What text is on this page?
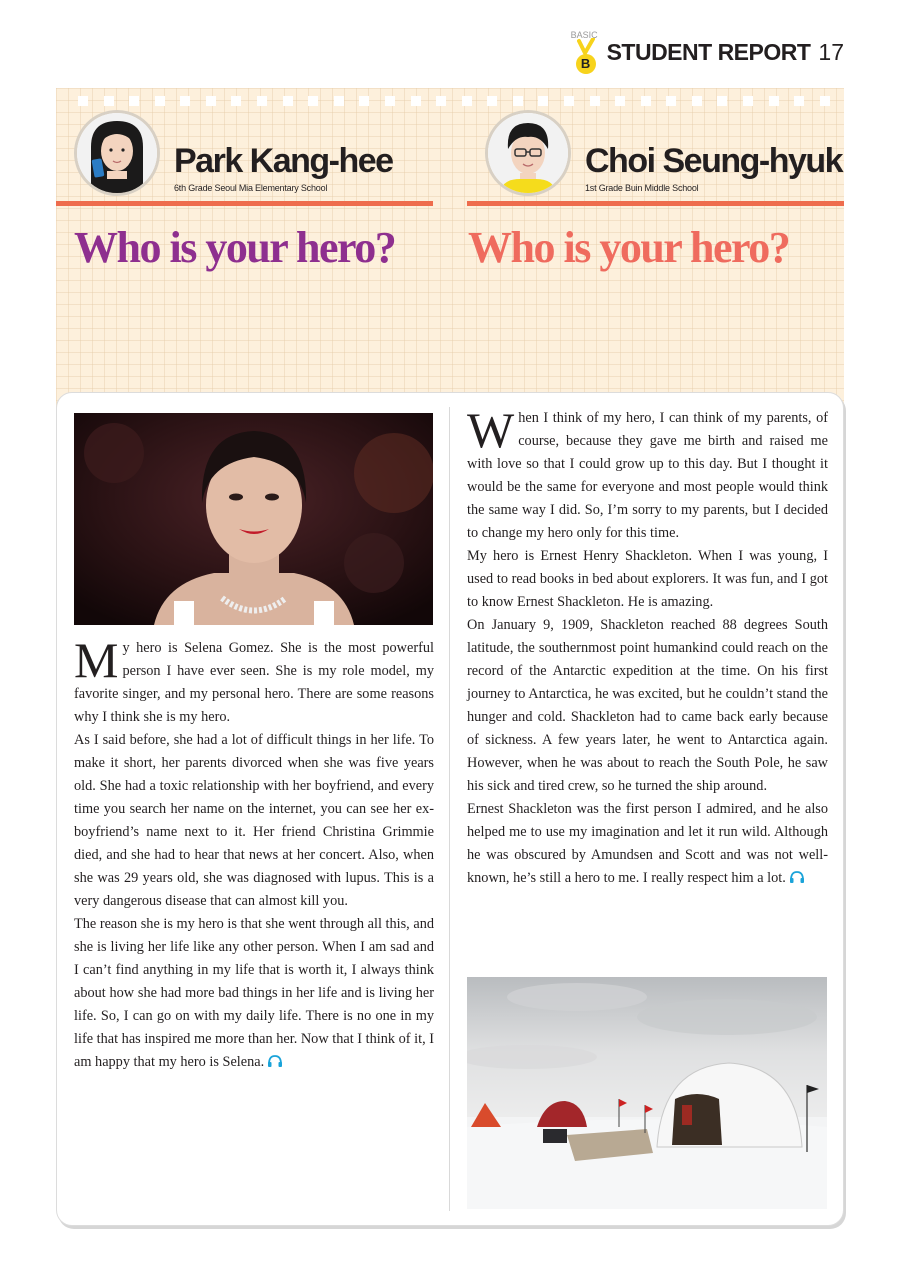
BASIC
B STUDENT REPORT 17
Park Kang-hee
6th Grade Seoul Mia Elementary School
Choi Seung-hyuk
1st Grade Buin Middle School
Who is your hero? Who is your hero?

My hero is Selena Gomez. She is the most powerful person I have ever seen. She is my role model, my favorite singer, and my personal hero. There are some reasons why I think she is my hero.

As I said before, she had a lot of difficult things in her life. To make it short, her parents divorced when she was five years old. She had a toxic relationship with her boyfriend, and every time you search her name on the internet, you can see her ex-boyfriend’s name next to it. Her friend Christina Grimmie died, and she had to hear that news at her concert. Also, when she was 29 years old, she was diagnosed with lupus. This is a very dangerous disease that can almost kill you.

The reason she is my hero is that she went through all this, and she is living her life like any other person. When I am sad and I can’t find anything in my life that is worth it, I always think about how she had more bad things in her life and is living her life. So, I can go on with my daily life. There is no one in my life that has inspired me more than her. Now that I think of it, I am happy that my hero is Selena.

When I think of my hero, I can think of my parents, of course, because they gave me birth and raised me with love so that I could grow up to this day. But I thought it would be the same for everyone and most people would think the same way I did. So, I’m sorry to my parents, but I decided to change my hero only for this time.

My hero is Ernest Henry Shackleton. When I was young, I used to read books in bed about explorers. It was fun, and I got to know Ernest Shackleton. He is amazing.

On January 9, 1909, Shackleton reached 88 degrees South latitude, the southernmost point humankind could reach on the record of the Antarctic expedition at the time. On his first journey to Antarctica, he was excited, but he couldn’t stand the hunger and cold. Shackleton had to came back early because of sickness. A few years later, he went to Antarctica again. However, when he was about to reach the South Pole, he saw his sick and tired crew, so he turned the ship around.

Ernest Shackleton was the first person I admired, and he also helped me to use my imagination and let it run wild. Although he was obscured by Amundsen and Scott and was not well-known, he’s still a hero to me. I really respect him a lot.
